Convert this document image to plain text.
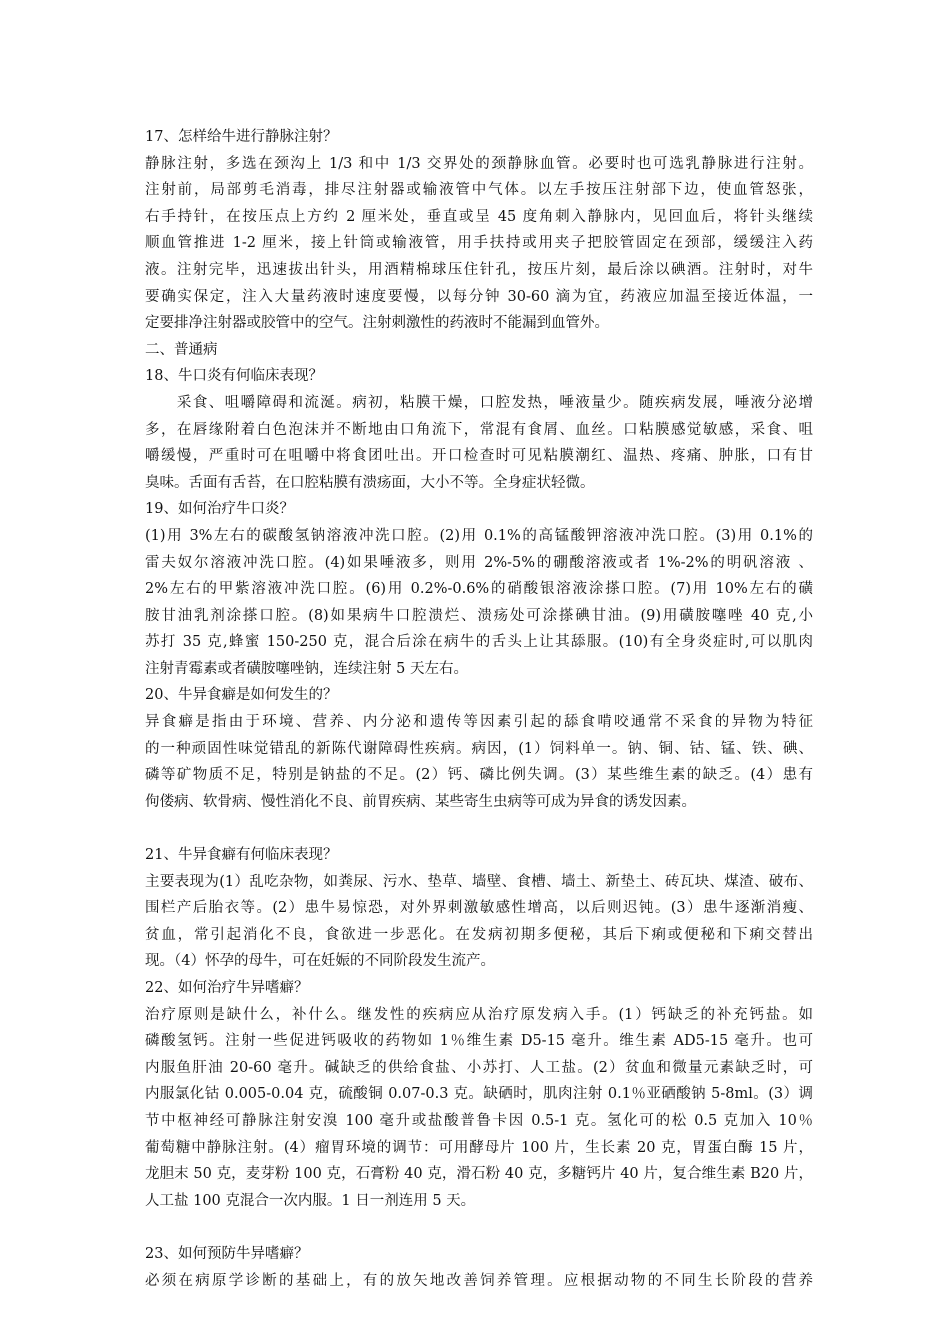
17、怎样给牛进行静脉注射？
静脉注射，多选在颈沟上 1/3 和中 1/3 交界处的颈静脉血管。必要时也可选乳静脉进行注射。
注射前，局部剪毛消毒，排尽注射器或输液管中气体。以左手按压注射部下边，使血管怒张，
右手持针，在按压点上方约 2 厘米处，垂直或呈 45 度角刺入静脉内，见回血后，将针头继续
顺血管推进 1-2 厘米，接上针筒或输液管，用手扶持或用夹子把胶管固定在颈部，缓缓注入药
液。注射完毕，迅速拔出针头，用酒精棉球压住针孔，按压片刻，最后涂以碘酒。注射时，对牛
要确实保定，注入大量药液时速度要慢，以每分钟 30-60 滴为宜，药液应加温至接近体温，一
定要排净注射器或胶管中的空气。注射刺激性的药液时不能漏到血管外。
二、普通病
18、牛口炎有何临床表现？
　　采食、咀嚼障碍和流涎。病初，粘膜干燥，口腔发热，唾液量少。随疾病发展，唾液分泌增
多，在唇缘附着白色泡沫并不断地由口角流下，常混有食屑、血丝。口粘膜感觉敏感，采食、咀
嚼缓慢，严重时可在咀嚼中将食团吐出。开口检查时可见粘膜潮红、温热、疼痛、肿胀，口有甘
臭味。舌面有舌苔，在口腔粘膜有溃疡面，大小不等。全身症状轻微。
19、如何治疗牛口炎？
(1)用 3%左右的碳酸氢钠溶液冲洗口腔。(2)用 0.1%的高锰酸钾溶液冲洗口腔。(3)用 0.1%的
雷夫奴尔溶液冲洗口腔。(4)如果唾液多，则用 2%-5%的硼酸溶液或者 1%-2%的明矾溶液 、
2%左右的甲紫溶液冲洗口腔。(6)用 0.2%-0.6%的硝酸银溶液涂搽口腔。(7)用 10%左右的磺
胺甘油乳剂涂搽口腔。(8)如果病牛口腔溃烂、溃疡处可涂搽碘甘油。(9)用磺胺噻唑 40 克,小
苏打 35 克,蜂蜜 150-250 克，混合后涂在病牛的舌头上让其舔服。(10)有全身炎症时,可以肌肉
注射青霉素或者磺胺噻唑钠，连续注射 5 天左右。
20、牛异食癖是如何发生的？
异食癖是指由于环境、营养、内分泌和遗传等因素引起的舔食啃咬通常不采食的异物为特征
的一种顽固性味觉错乱的新陈代谢障碍性疾病。病因，(1）饲料单一。钠、铜、钴、锰、铁、碘、
磷等矿物质不足，特别是钠盐的不足。(2）钙、磷比例失调。(3）某些维生素的缺乏。(4）患有
佝偻病、软骨病、慢性消化不良、前胃疾病、某些寄生虫病等可成为异食的诱发因素。
21、牛异食癖有何临床表现？
主要表现为(1）乱吃杂物，如粪尿、污水、垫草、墙壁、食槽、墙土、新垫土、砖瓦块、煤渣、破布、
围栏产后胎衣等。(2）患牛易惊恐，对外界刺激敏感性增高，以后则迟钝。(3）患牛逐渐消瘦、
贫血，常引起消化不良，食欲进一步恶化。在发病初期多便秘，其后下痢或便秘和下痢交替出
现。（4）怀孕的母牛，可在妊娠的不同阶段发生流产。
22、如何治疗牛异嗜癖？
治疗原则是缺什么，补什么。继发性的疾病应从治疗原发病入手。(1）钙缺乏的补充钙盐。如
磷酸氢钙。注射一些促进钙吸收的药物如 1％维生素 D5-15 毫升。维生素 AD5-15 毫升。也可
内服鱼肝油 20-60 毫升。碱缺乏的供给食盐、小苏打、人工盐。(2）贫血和微量元素缺乏时，可
内服氯化钴 0.005-0.04 克，硫酸铜 0.07-0.3 克。缺硒时，肌肉注射 0.1％亚硒酸钠 5-8ml。(3）调
节中枢神经可静脉注射安溴 100 毫升或盐酸普鲁卡因 0.5-1 克。氢化可的松 0.5 克加入 10％
葡萄糖中静脉注射。(4）瘤胃环境的调节：可用酵母片 100 片，生长素 20 克，胃蛋白酶 15 片，
龙胆末 50 克，麦芽粉 100 克，石膏粉 40 克，滑石粉 40 克，多糖钙片 40 片，复合维生素 B20 片，
人工盐 100 克混合一次内服。1 日一剂连用 5 天。
23、如何预防牛异嗜癖？
必须在病原学诊断的基础上，有的放矢地改善饲养管理。应根据动物的不同生长阶段的营养
